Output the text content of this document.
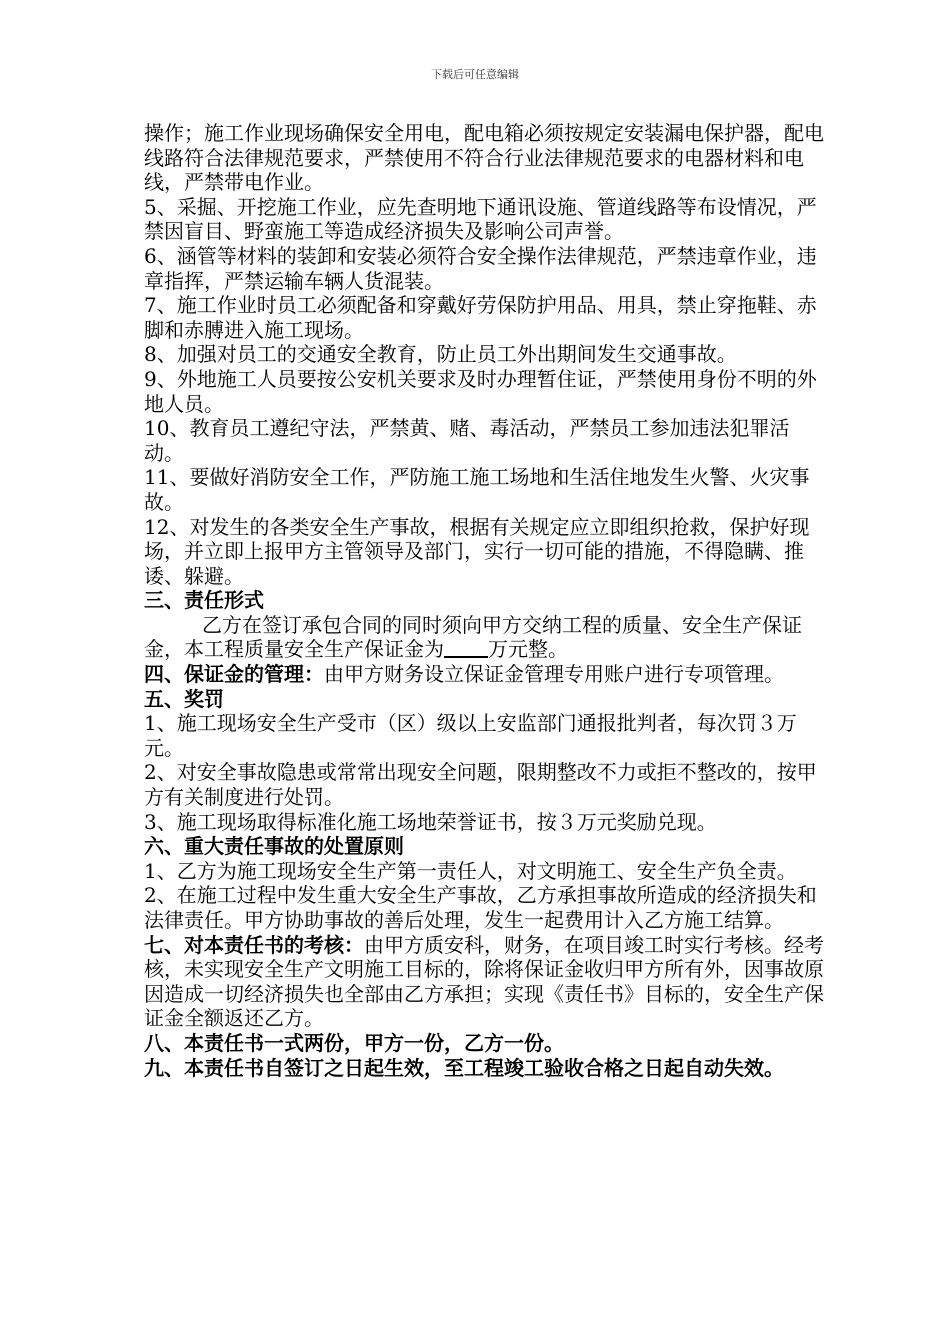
下载后可任意编辑

操作；施工作业现场确保安全用电，配电箱必须按规定安装漏电保护器，配电线路符合法律规范要求，严禁使用不符合行业法律规范要求的电器材料和电线，严禁带电作业。

5、采掘、开挖施工作业，应先查明地下通讯设施、管道线路等布设情况，严禁因盲目、野蛮施工等造成经济损失及影响公司声誉。

6、涵管等材料的装卸和安装必须符合安全操作法律规范，严禁违章作业，违章指挥，严禁运输车辆人货混装。

7、施工作业时员工必须配备和穿戴好劳保防护用品、用具，禁止穿拖鞋、赤脚和赤膊进入施工现场。

8、加强对员工的交通安全教育，防止员工外出期间发生交通事故。

9、外地施工人员要按公安机关要求及时办理暂住证，严禁使用身份不明的外地人员。

10、教育员工遵纪守法，严禁黄、赌、毒活动，严禁员工参加违法犯罪活动。

11、要做好消防安全工作，严防施工施工场地和生活住地发生火警、火灾事故。

12、对发生的各类安全生产事故，根据有关规定应立即组织抢救，保护好现场，并立即上报甲方主管领导及部门，实行一切可能的措施，不得隐瞒、推诿、躲避。

三、责任形式

乙方在签订承包合同的同时须向甲方交纳工程的质量、安全生产保证金，本工程质量安全生产保证金为 万元整。

四、保证金的管理：由甲方财务设立保证金管理专用账户进行专项管理。

五、奖罚

1、施工现场安全生产受市（区）级以上安监部门通报批判者，每次罚３万元。

2、对安全事故隐患或常常出现安全问题，限期整改不力或拒不整改的，按甲方有关制度进行处罚。

3、施工现场取得标准化施工场地荣誉证书，按３万元奖励兑现。

六、重大责任事故的处置原则

1、乙方为施工现场安全生产第一责任人，对文明施工、安全生产负全责。

2、在施工过程中发生重大安全生产事故，乙方承担事故所造成的经济损失和法律责任。甲方协助事故的善后处理，发生一起费用计入乙方施工结算。

七、对本责任书的考核：由甲方质安科，财务，在项目竣工时实行考核。经考核，未实现安全生产文明施工目标的，除将保证金收归甲方所有外，因事故原因造成一切经济损失也全部由乙方承担；实现《责任书》目标的，安全生产保证金全额返还乙方。

八、本责任书一式两份，甲方一份，乙方一份。

九、本责任书自签订之日起生效，至工程竣工验收合格之日起自动失效。
